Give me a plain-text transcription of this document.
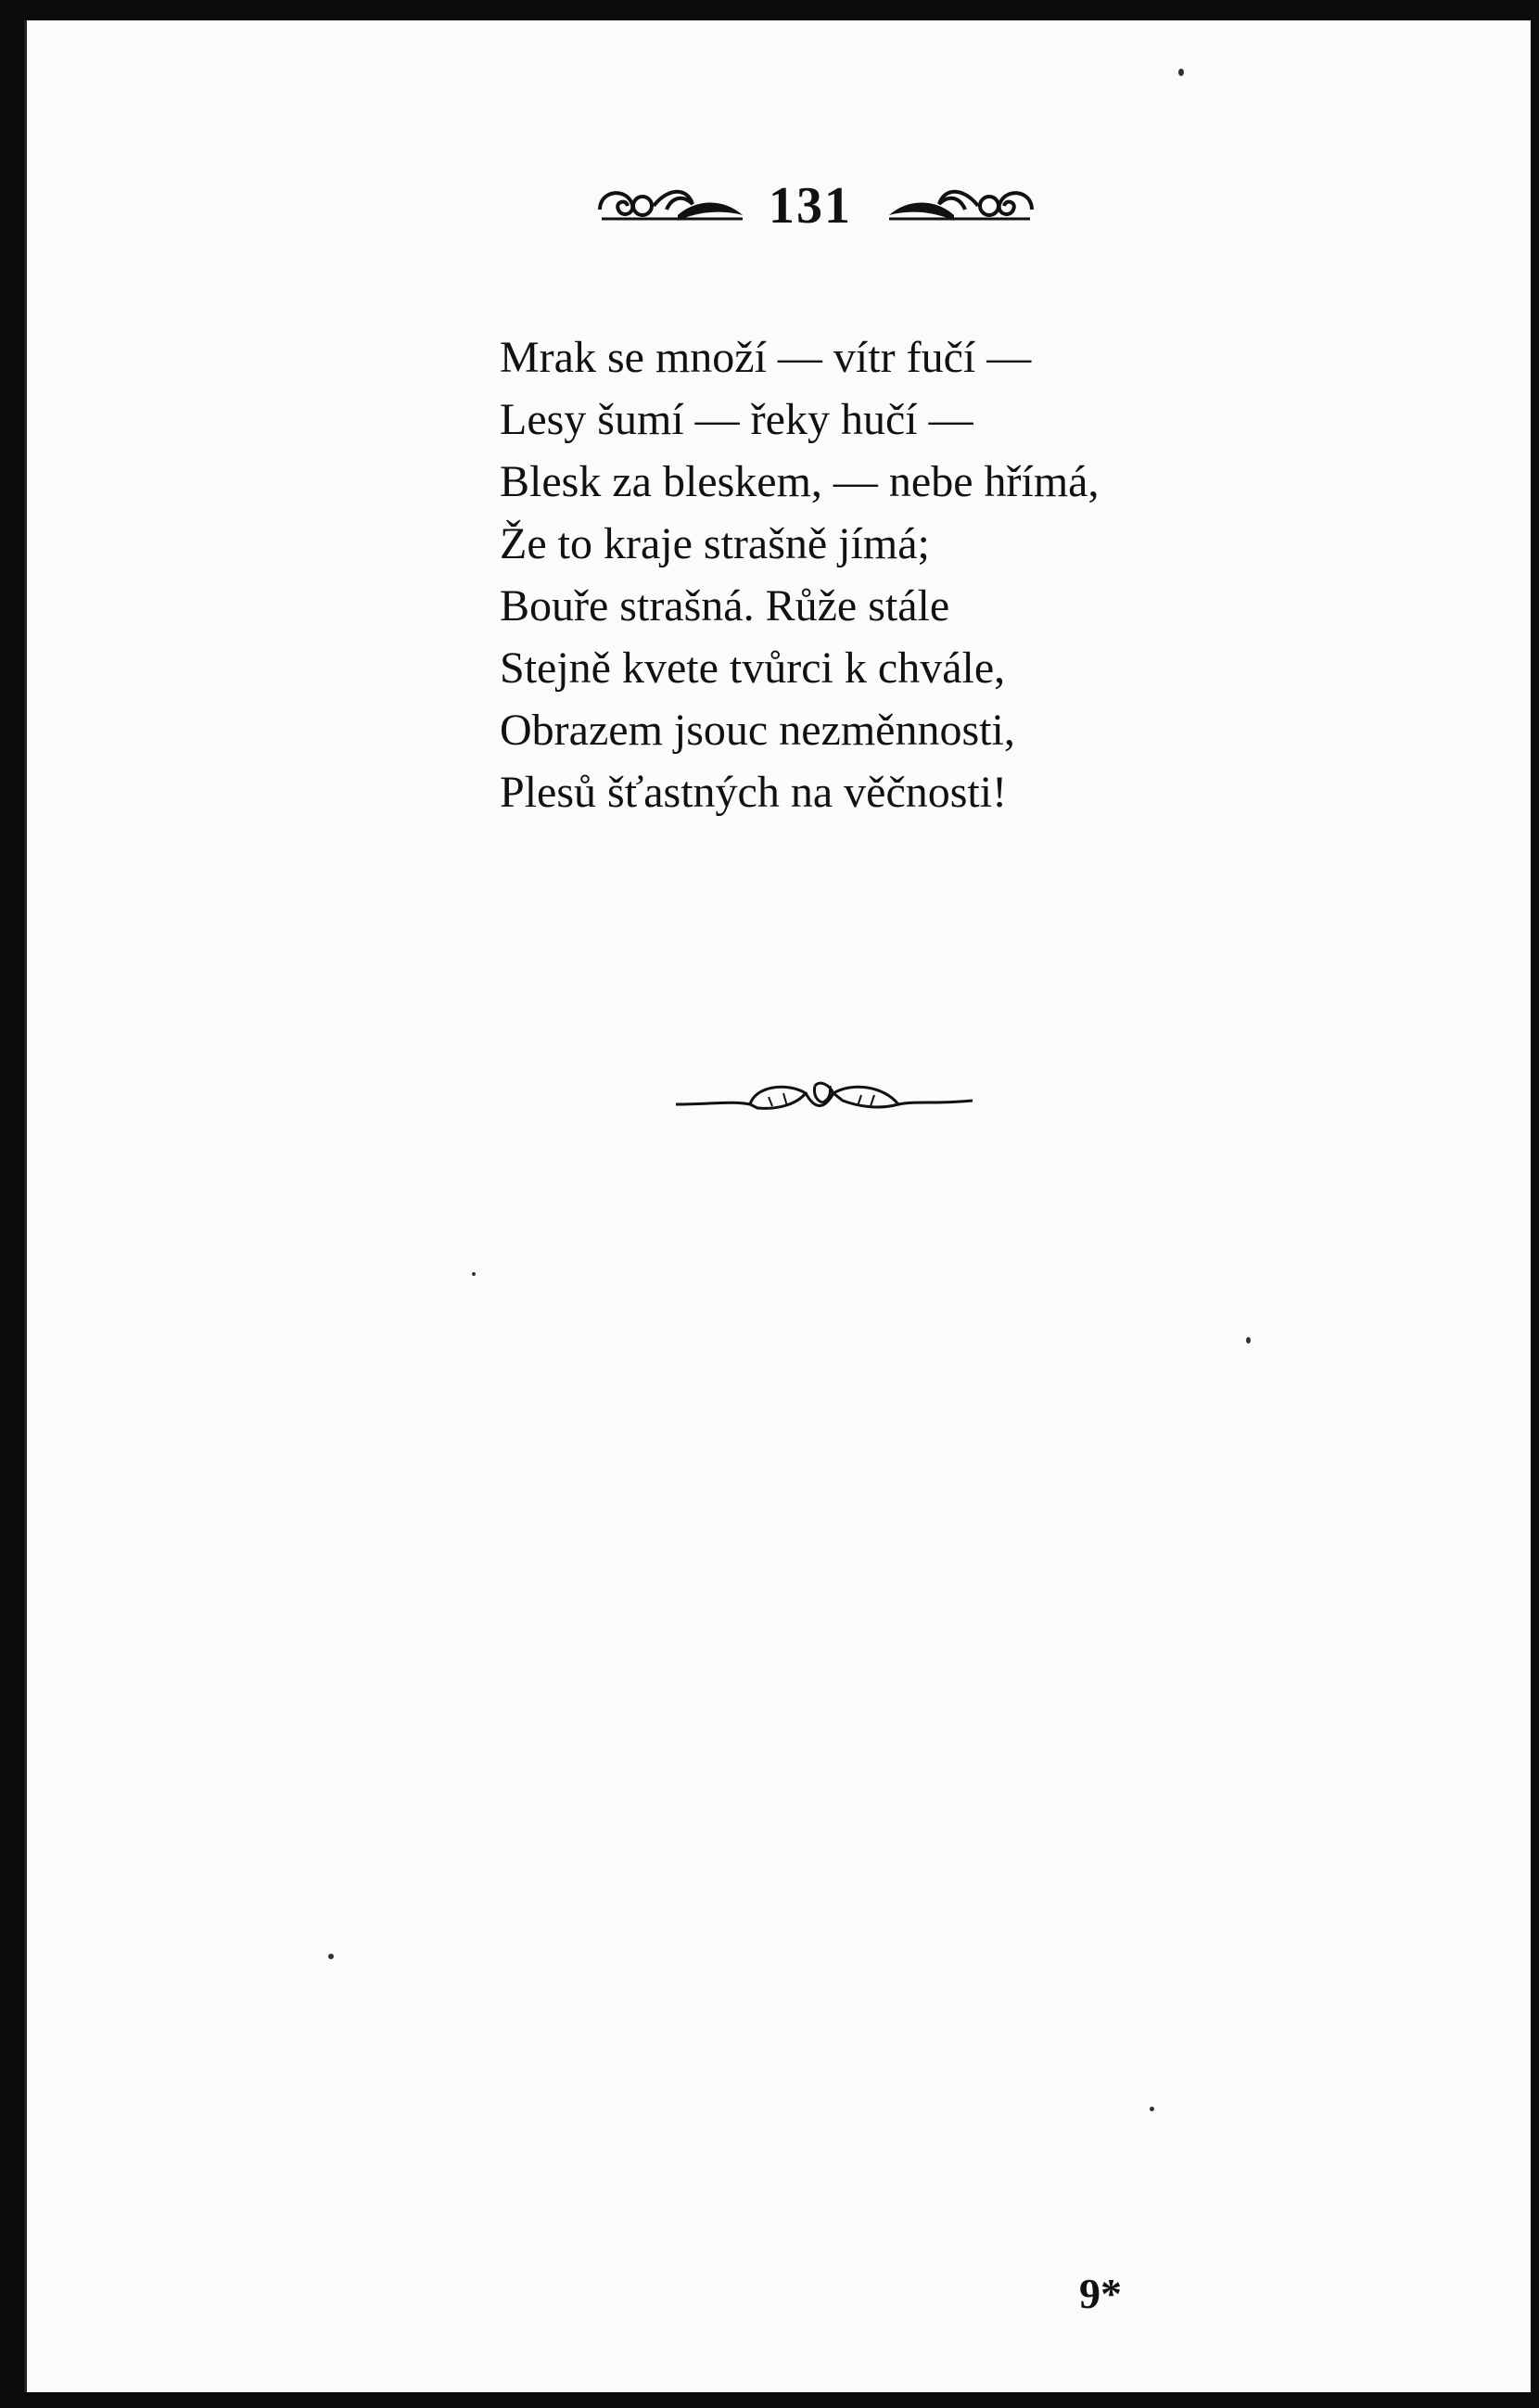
131
Mrak se množí — vítr fučí —
Lesy šumí — řeky hučí —
Blesk za bleskem, — nebe hřímá,
Že to kraje strašně jímá;
Bouře strašná. Růže stále
Stejně kvete tvůrci k chvále,
Obrazem jsouc nezměnnosti,
Plesů šťastných na věčnosti!
9*
